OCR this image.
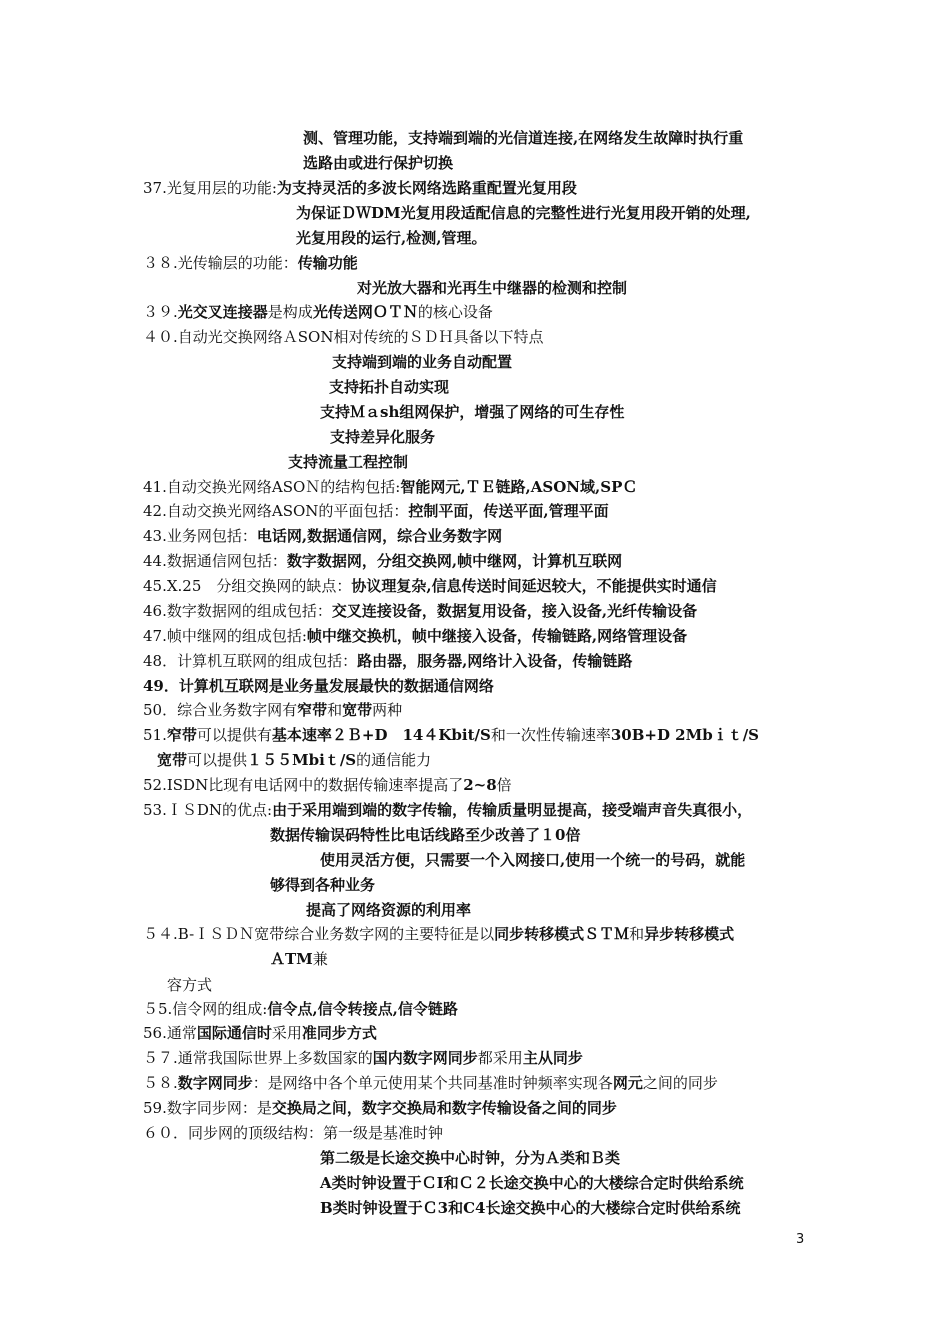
测、管理功能，支持端到端的光信道连接,在网络发生故障时执行重
选路由或进行保护切换
37.光复用层的功能:为支持灵活的多波长网络选路重配置光复用段
为保证ＤＷDM光复用段适配信息的完整性进行光复用段开销的处理,
光复用段的运行,检测,管理。
３８.光传输层的功能：传输功能
对光放大器和光再生中继器的检测和控制
３９.光交叉连接器是构成光传送网ＯＴＮ的核心设备
４０.自动光交换网络ＡSON相对传统的ＳＤＨ具备以下特点
支持端到端的业务自动配置
支持拓扑自动实现
支持Ｍａsh组网保护，增强了网络的可生存性
支持差异化服务
支持流量工程控制
41.自动交换光网络ASOＮ的结构包括:智能网元,ＴＥ链路,ASON域,SPＣ
42.自动交换光网络ASON的平面包括：控制平面，传送平面,管理平面
43.业务网包括：电话网,数据通信网，综合业务数字网
44.数据通信网包括：数字数据网，分组交换网,帧中继网，计算机互联网
45.X.25　分组交换网的缺点：协议理复杂,信息传送时间延迟较大，不能提供实时通信
46.数字数据网的组成包括：交叉连接设备，数据复用设备，接入设备,光纤传输设备
47.帧中继网的组成包括:帧中继交换机，帧中继接入设备，传输链路,网络管理设备
48．计算机互联网的组成包括：路由器，服务器,网络计入设备，传输链路
49．计算机互联网是业务量发展最快的数据通信网络
50．综合业务数字网有窄带和宽带两种
51.窄带可以提供有基本速率２Ｂ+D　14４Kbit/S和一次性传输速率30B+D 2Mbｉｔ/S
宽带可以提供１５５Mbiｔ/S的通信能力
52.ISDN比现有电话网中的数据传输速率提高了2~8倍
53.ＩＳDN的优点:由于采用端到端的数字传输，传输质量明显提高，接受端声音失真很小，
数据传输误码特性比电话线路至少改善了１0倍
使用灵活方便，只需要一个入网接口,使用一个统一的号码，就能
够得到各种业务
提高了网络资源的利用率
５４.B-ＩＳＤＮ宽带综合业务数字网的主要特征是以同步转移模式ＳＴＭ和异步转移模式
ＡTM兼
容方式
５5.信令网的组成:信令点,信令转接点,信令链路
56.通常国际通信时采用准同步方式
５７.通常我国际世界上多数国家的国内数字网同步都采用主从同步
５８.数字网同步：是网络中各个单元使用某个共同基准时钟频率实现各网元之间的同步
59.数字同步网：是交换局之间，数字交换局和数字传输设备之间的同步
６０．同步网的顶级结构：第一级是基准时钟
第二级是长途交换中心时钟，分为Ａ类和Ｂ类
A类时钟设置于ＣⅠ和Ｃ２长途交换中心的大楼综合定时供给系统
B类时钟设置于Ｃ3和C4长途交换中心的大楼综合定时供给系统
3
